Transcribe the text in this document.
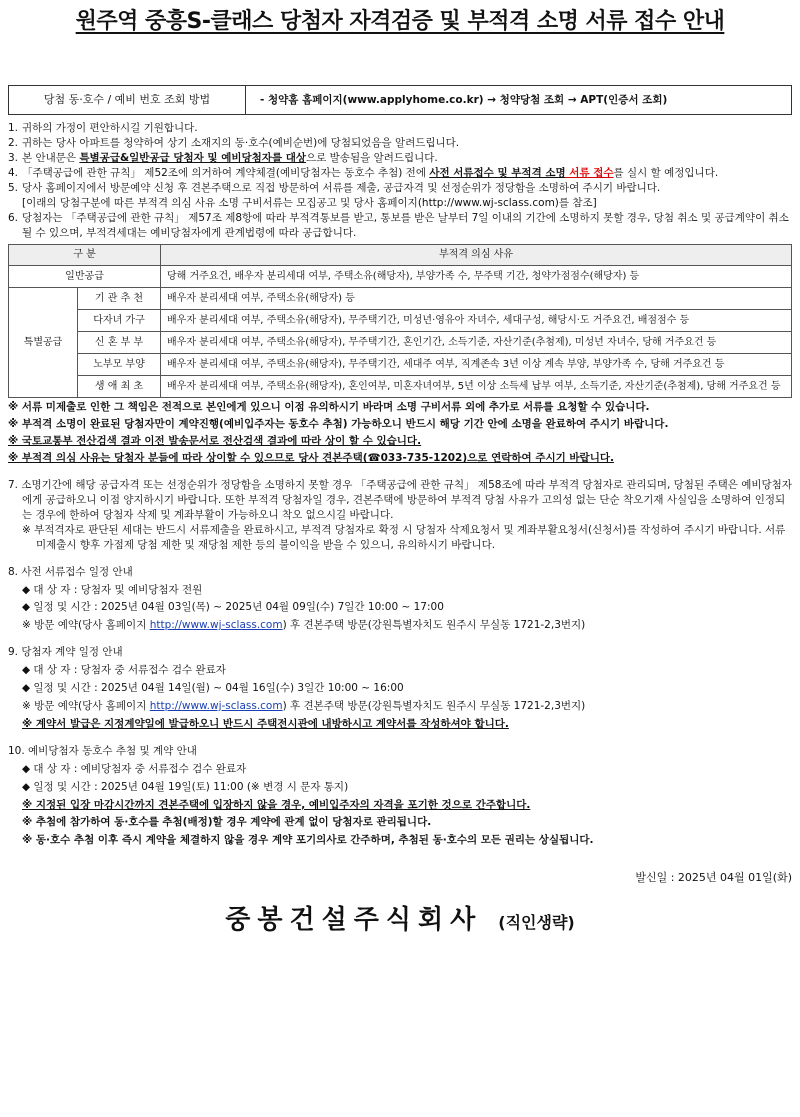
원주역 중흥S-클래스 당첨자 자격검증 및 부적격 소명 서류 접수 안내
당첨 동·호수 / 예비 번호 조회 방법	- 청약홈 홈페이지(www.applyhome.co.kr) → 청약당첨 조회 → APT(인증서 조회)
1. 귀하의 가정이 편안하시길 기원합니다.
2. 귀하는 당사 아파트를 청약하여 상기 소재지의 동·호수(예비순번)에 당첨되었음을 알려드립니다.
3. 본 안내문은 특별공급&일반공급 당첨자 및 예비당첨자를 대상으로 발송됨을 알려드립니다.
4. 「주택공급에 관한 규칙」 제52조에 의거하여 계약체결(예비당첨자는 동호수 추첨) 전에 사전 서류접수 및 부적격 소명 서류 접수를 실시 할 예정입니다.
5. 당사 홈페이지에서 방문예약 신청 후 견본주택으로 직접 방문하여 서류를 제출, 공급자격 및 선정순위가 정당함을 소명하여 주시기 바랍니다.
[이래의 당첨구분에 따른 부적격 의심 사유 소명 구비서류는 모집공고 및 당사 홈페이지(http://www.wj-sclass.com)를 참조]
6. 당첨자는 「주택공급에 관한 규칙」 제57조 제8항에 따라 부적격통보를 받고, 통보를 받은 날부터 7일 이내의 기간에 소명하지 못할 경우, 당첨 취소 및 공급계약이 취소될 수 있으며, 부적격세대는 예비당첨자에게 관계법령에 따라 공급합니다.
구 분		부적격 의심 사유
일반공급		당해 거주요건, 배우자 분리세대 여부, 주택소유(해당자), 부양가족 수, 무주택 기간, 청약가점점수(해당자) 등
특별공급	기 관 추 천	배우자 분리세대 여부, 주택소유(해당자) 등
	다자녀 가구	배우자 분리세대 여부, 주택소유(해당자), 무주택기간, 미성년·영유아 자녀수, 세대구성, 해당시·도 거주요건, 배점점수 등
	신 혼 부 부	배우자 분리세대 여부, 주택소유(해당자), 무주택기간, 혼인기간, 소득기준, 자산기준(추첨제), 미성년 자녀수, 당해 거주요건 등
	노부모 부양	배우자 분리세대 여부, 주택소유(해당자), 무주택기간, 세대주 여부, 직계존속 3년 이상 계속 부양, 부양가족 수, 당해 거주요건 등
	생 애 최 초	배우자 분리세대 여부, 주택소유(해당자), 혼인여부, 미혼자녀여부, 5년 이상 소득세 납부 여부, 소득기준, 자산기준(추첨제), 당해 거주요건 등
※ 서류 미제출로 인한 그 책임은 전적으로 본인에게 있으니 이점 유의하시기 바라며 소명 구비서류 외에 추가로 서류를 요청할 수 있습니다.
※ 부적격 소명이 완료된 당첨자만이 계약진행(예비입주자는 동호수 추첨) 가능하오니 반드시 해당 기간 안에 소명을 완료하여 주시기 바랍니다.
※ 국토교통부 전산검색 결과 이전 발송문서로 전산검색 결과에 따라 상이 할 수 있습니다.
※ 부적격 의심 사유는 당첨자 분들에 따라 상이할 수 있으므로 당사 견본주택(☎033-735-1202)으로 연락하여 주시기 바랍니다.

7. 소명기간에 해당 공급자격 또는 선정순위가 정당함을 소명하지 못할 경우 「주택공급에 관한 규칙」 제58조에 따라 부적격 당첨자로 관리되며, 당첨된 주택은 예비당첨자에게 공급하오니 이점 양지하시기 바랍니다. 또한 부적격 당첨자일 경우, 견본주택에 방문하여 부적격 당첨 사유가 고의성 없는 단순 착오기재 사실임을 소명하여 인정되는 경우에 한하여 당첨자 삭제 및 계좌부활이 가능하오니 착오 없으시길 바랍니다.

※ 부적격자로 판단된 세대는 반드시 서류제출을 완료하시고, 부적격 당첨자로 확정 시 당첨자 삭제요청서 및 계좌부활요청서(신청서)를 작성하여 주시기 바랍니다. 서류 미제출시 향후 가점제 당첨 제한 및 재당첨 제한 등의 불이익을 받을 수 있으니, 유의하시기 바랍니다.

8. 사전 서류접수 일정 안내
◆ 대 상 자 : 당첨자 및 예비당첨자 전원
◆ 일정 및 시간 : 2025년 04월 03일(목) ~ 2025년 04월 09일(수) 7일간 10:00 ~ 17:00
※ 방문 예약(당사 홈페이지 http://www.wj-sclass.com) 후 견본주택 방문(강원특별자치도 원주시 무실동 1721-2,3번지)
9. 당첨자 계약 일정 안내
◆ 대 상 자 : 당첨자 중 서류접수 검수 완료자
◆ 일정 및 시간 : 2025년 04월 14일(월) ~ 04월 16일(수) 3일간 10:00 ~ 16:00
※ 방문 예약(당사 홈페이지 http://www.wj-sclass.com) 후 견본주택 방문(강원특별자치도 원주시 무실동 1721-2,3번지)
※ 계약서 발급은 지정계약일에 발급하오니 반드시 주택전시관에 내방하시고 계약서를 작성하셔야 합니다.
10. 예비당첨자 동호수 추첨 및 계약 안내
◆ 대 상 자 : 예비당첨자 중 서류접수 검수 완료자
◆ 일정 및 시간 : 2025년 04월 19일(토) 11:00 (※ 변경 시 문자 통지)
※ 지정된 입장 마감시간까지 견본주택에 입장하지 않을 경우, 예비입주자의 자격을 포기한 것으로 간주합니다.
※ 추첨에 참가하여 동·호수를 추첨(배정)할 경우 계약에 관계 없이 당첨자로 관리됩니다.
※ 동·호수 추첨 이후 즉시 계약을 체결하지 않을 경우 계약 포기의사로 간주하며, 추첨된 동·호수의 모든 권리는 상실됩니다.
발신일 : 2025년 04월 01일(화)
중봉건설주식회사 (직인생략)
